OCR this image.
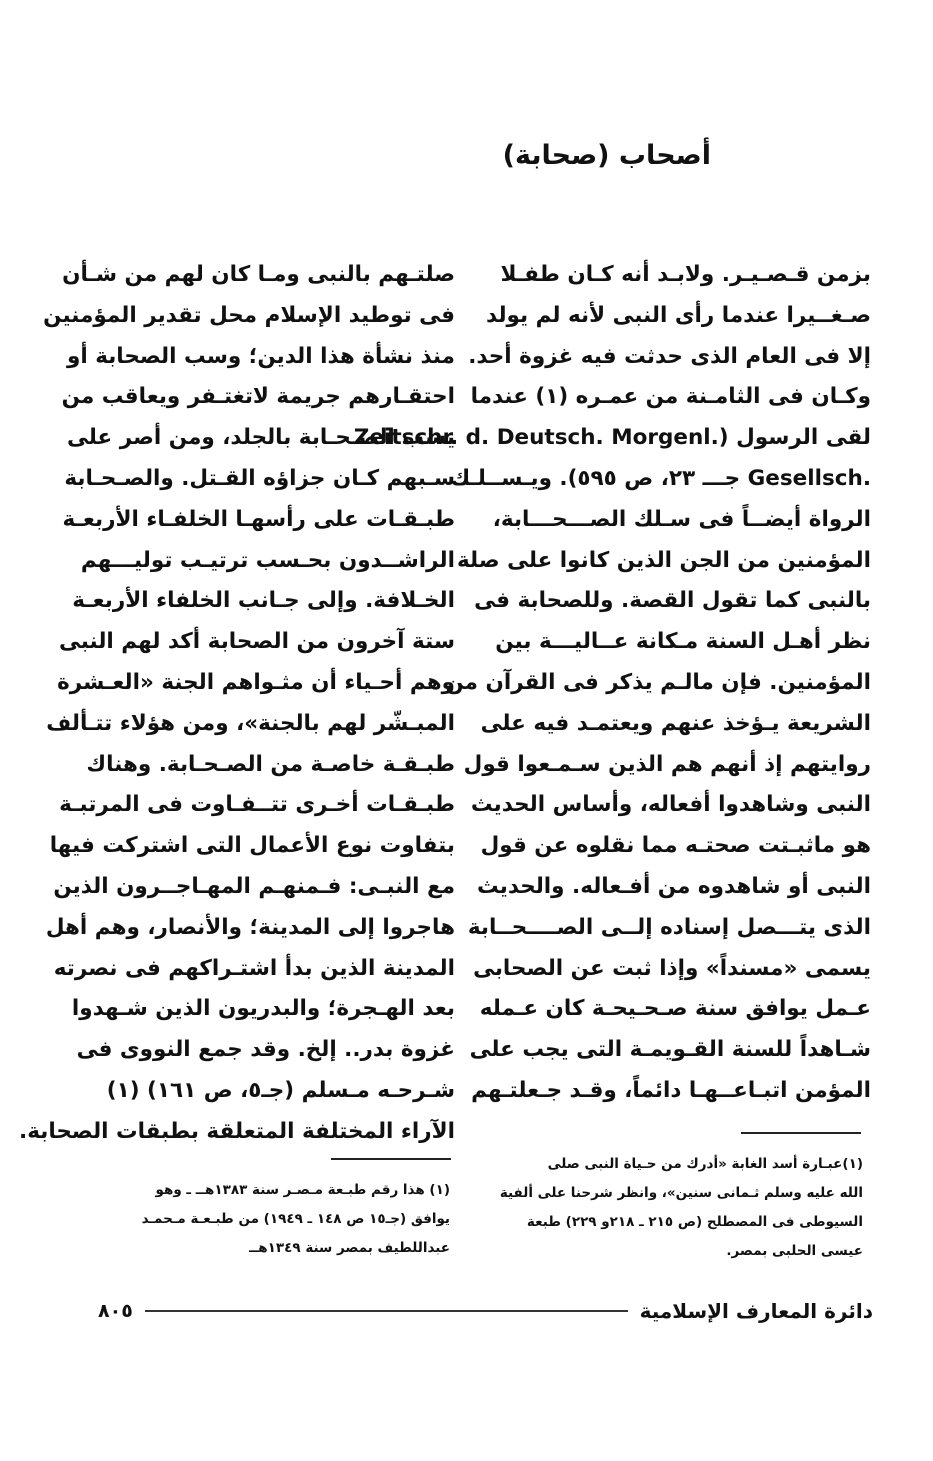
أصحاب (صحابة)
بزمن قـصـيـر. ولابـد أنه كـان طفـلا
صـغــيرا عندما رأى النبى لأنه لم يولد
إلا فى العام الذى حدثت فيه غزوة أحد.
وكـان فى الثامـنة من عمـره (١) عندما
لقى الرسول (.Zeitschr. d. Deutsch. Morgenl
.Gesellsch جـــ ٢٣، ص ٥٩٥). ويـســلـك
الرواة أيضــاً فى سـلك الصـــحـــابة،
المؤمنين من الجن الذين كانوا على صلة
بالنبى كما تقول القصة. وللصحابة فى
نظر أهـل السنة مـكانة عــاليـــة بين
المؤمنين. فإن مالـم يذكر فى القرآن من
الشريعة يـؤخذ عنهم ويعتمـد فيه على
روايتهم إذ أنهم هم الذين سـمـعوا قول
النبى وشاهدوا أفعاله، وأساس الحديث
هو ماثبـتت صحتـه مما نقلوه عن قول
النبى أو شاهدوه من أفـعاله. والحديث
الذى يتـــصل إسناده إلــى الصــــحــابة
يسمى «مسنداً» وإذا ثبت عن الصحابى
عـمل يوافق سنة صـحـيحـة كان عـمله
شـاهداً للسنة القـويمـة التى يجب على
المؤمن اتبـاعــهـا دائماً، وقـد جـعلتـهم
صلتـهم بالنبى ومـا كان لهم من شـأن
فى توطيد الإسلام محل تقدير المؤمنين
منذ نشأة هذا الدين؛ وسب الصحابة أو
احتقـارهم جريمة لاتغتـفر ويعاقب من
يسب الصـحـابة بالجلد، ومن أصر على
سـبهم كـان جزاؤه القـتل. والصـحـابة
طبـقـات على رأسهـا الخلفـاء الأربعـة
الراشــدون بحـسب ترتيـب توليـــهم
الخـلافة. وإلى جـانب الخلفاء الأربعـة
ستة آخرون من الصحابة أكد لهم النبى
وهم أحـياء أن مثـواهم الجنة «العـشرة
المبـشّر لهم بالجنة»، ومن هؤلاء تتـألف
طبـقـة خاصـة من الصـحـابة. وهناك
طبـقـات أخـرى تتــفـاوت فى المرتبـة
بتفاوت نوع الأعمال التى اشتركت فيها
مع النبـى: فـمنهـم المهـاجــرون الذين
هاجروا إلى المدينة؛ والأنصار، وهم أهل
المدينة الذين بدأ اشتـراكهم فى نصرته
بعد الهـجرة؛ والبدريون الذين شـهدوا
غزوة بدر.. إلخ. وقد جمع النووى فى
شـرحـه مـسلم (جـ٥، ص ١٦١) (١)
الآراء المختلفة المتعلقة بطبقات الصحابة.
(١)عبـارة أسد الغابة «أدرك من حـياة النبى صلى
الله عليه وسلم ثـمانى سنين»، وانظر شرحنا على ألفية
السيوطى فى المصطلح (ص ٢١٥ ـ ٢١٨و ٢٢٩) طبعة
عيسى الحلبى بمصر.
(١) هذا رقم طبـعة مـصـر سنة ١٣٨٣هــ ـ وهو
يوافق (جـ١٥ ص ١٤٨ ـ ١٩٤٩) من طبـعـة مـحمـد
عبداللطيف بمصر سنة ١٣٤٩هــ
دائرة المعارف الإسلامية
٨٠٥
